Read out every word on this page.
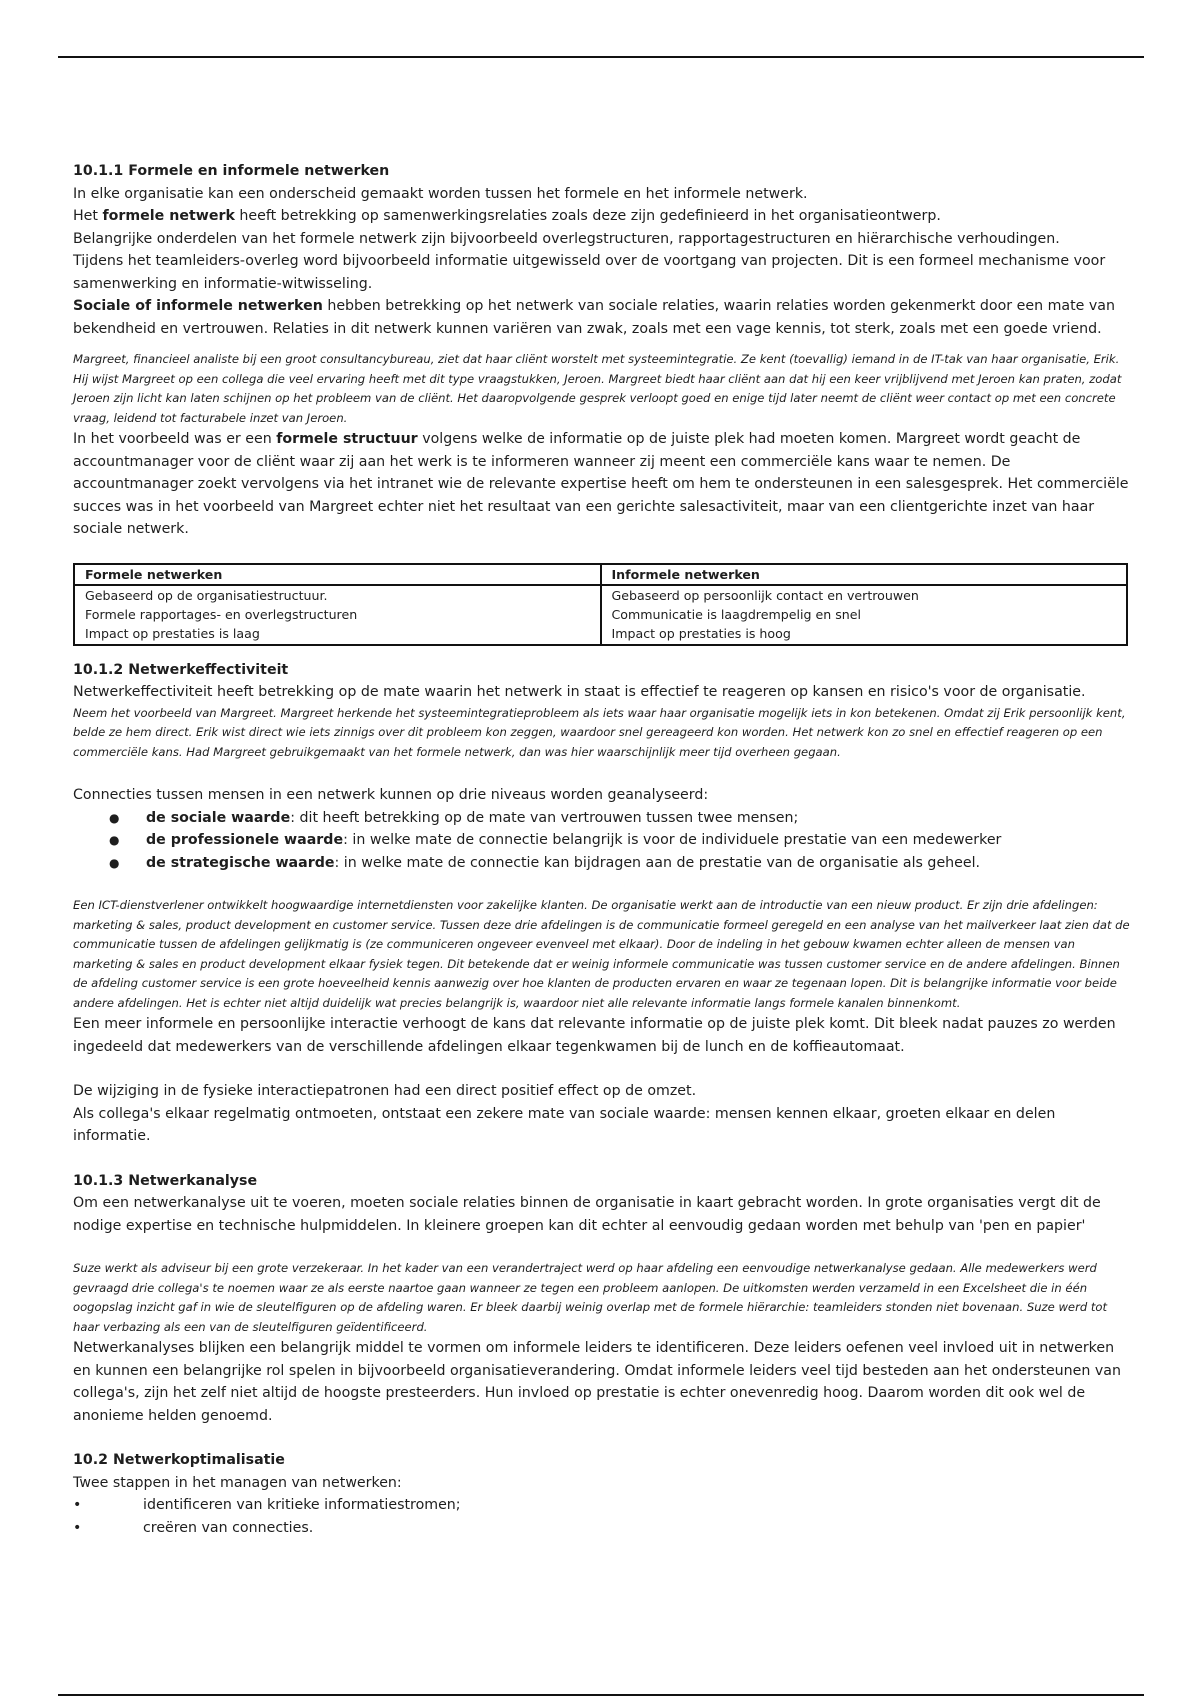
10.1.1 Formele en informele netwerken

In elke organisatie kan een onderscheid gemaakt worden tussen het formele en het informele netwerk.

Het formele netwerk heeft betrekking op samenwerkingsrelaties zoals deze zijn gedefinieerd in het organisatieontwerp.

Belangrijke onderdelen van het formele netwerk zijn bijvoorbeeld overlegstructuren, rapportagestructuren en hiërarchische verhoudingen.

Tijdens het teamleiders-overleg word bijvoorbeeld informatie uitgewisseld over de voortgang van projecten. Dit is een formeel mechanisme voor samenwerking en informatie-witwisseling.

Sociale of informele netwerken hebben betrekking op het netwerk van sociale relaties, waarin relaties worden gekenmerkt door een mate van bekendheid en vertrouwen. Relaties in dit netwerk kunnen variëren van zwak, zoals met een vage kennis, tot sterk, zoals met een goede vriend.

Margreet, financieel analiste bij een groot consultancybureau, ziet dat haar cliënt worstelt met systeemintegratie. Ze kent (toevallig) iemand in de IT-tak van haar organisatie, Erik. Hij wijst Margreet op een collega die veel ervaring heeft met dit type vraagstukken, Jeroen. Margreet biedt haar cliënt aan dat hij een keer vrijblijvend met Jeroen kan praten, zodat Jeroen zijn licht kan laten schijnen op het probleem van de cliënt. Het daaropvolgende gesprek verloopt goed en enige tijd later neemt de cliënt weer contact op met een concrete vraag, leidend tot facturabele inzet van Jeroen.

In het voorbeeld was er een formele structuur volgens welke de informatie op de juiste plek had moeten komen. Margreet wordt geacht de accountmanager voor de cliënt waar zij aan het werk is te informeren wanneer zij meent een commerciële kans waar te nemen. De accountmanager zoekt vervolgens via het intranet wie de relevante expertise heeft om hem te ondersteunen in een salesgesprek. Het commerciële succes was in het voorbeeld van Margreet echter niet het resultaat van een gerichte salesactiviteit, maar van een clientgerichte inzet van haar sociale netwerk.

Formele netwerken	Informele netwerken
Gebaseerd op de organisatiestructuur.	Gebaseerd op persoonlijk contact en vertrouwen
Formele rapportages- en overlegstructuren	Communicatie is laagdrempelig en snel
Impact op prestaties is laag	Impact op prestaties is hoog
10.1.2 Netwerkeffectiviteit

Netwerkeffectiviteit heeft betrekking op de mate waarin het netwerk in staat is effectief te reageren op kansen en risico's voor de organisatie.

Neem het voorbeeld van Margreet. Margreet herkende het systeemintegratieprobleem als iets waar haar organisatie mogelijk iets in kon betekenen. Omdat zij Erik persoonlijk kent, belde ze hem direct. Erik wist direct wie iets zinnigs over dit probleem kon zeggen, waardoor snel gereageerd kon worden. Het netwerk kon zo snel en effectief reageren op een commerciële kans. Had Margreet gebruikgemaakt van het formele netwerk, dan was hier waarschijnlijk meer tijd overheen gegaan.

Connecties tussen mensen in een netwerk kunnen op drie niveaus worden geanalyseerd:

● de sociale waarde: dit heeft betrekking op de mate van vertrouwen tussen twee mensen;
● de professionele waarde: in welke mate de connectie belangrijk is voor de individuele prestatie van een medewerker
● de strategische waarde: in welke mate de connectie kan bijdragen aan de prestatie van de organisatie als geheel.

Een ICT-dienstverlener ontwikkelt hoogwaardige internetdiensten voor zakelijke klanten. De organisatie werkt aan de introductie van een nieuw product. Er zijn drie afdelingen: marketing & sales, product development en customer service. Tussen deze drie afdelingen is de communicatie formeel geregeld en een analyse van het mailverkeer laat zien dat de communicatie tussen de afdelingen gelijkmatig is (ze communiceren ongeveer evenveel met elkaar). Door de indeling in het gebouw kwamen echter alleen de mensen van marketing & sales en product development elkaar fysiek tegen. Dit betekende dat er weinig informele communicatie was tussen customer service en de andere afdelingen. Binnen de afdeling customer service is een grote hoeveelheid kennis aanwezig over hoe klanten de producten ervaren en waar ze tegenaan lopen. Dit is belangrijke informatie voor beide andere afdelingen. Het is echter niet altijd duidelijk wat precies belangrijk is, waardoor niet alle relevante informatie langs formele kanalen binnenkomt.

Een meer informele en persoonlijke interactie verhoogt de kans dat relevante informatie op de juiste plek komt. Dit bleek nadat pauzes zo werden ingedeeld dat medewerkers van de verschillende afdelingen elkaar tegenkwamen bij de lunch en de koffieautomaat.

De wijziging in de fysieke interactiepatronen had een direct positief effect op de omzet.

Als collega's elkaar regelmatig ontmoeten, ontstaat een zekere mate van sociale waarde: mensen kennen elkaar, groeten elkaar en delen informatie.

10.1.3 Netwerkanalyse

Om een netwerkanalyse uit te voeren, moeten sociale relaties binnen de organisatie in kaart gebracht worden. In grote organisaties vergt dit de nodige expertise en technische hulpmiddelen. In kleinere groepen kan dit echter al eenvoudig gedaan worden met behulp van 'pen en papier'

Suze werkt als adviseur bij een grote verzekeraar. In het kader van een verandertraject werd op haar afdeling een eenvoudige netwerkanalyse gedaan. Alle medewerkers werd gevraagd drie collega's te noemen waar ze als eerste naartoe gaan wanneer ze tegen een probleem aanlopen. De uitkomsten werden verzameld in een Excelsheet die in één oogopslag inzicht gaf in wie de sleutelfiguren op de afdeling waren. Er bleek daarbij weinig overlap met de formele hiërarchie: teamleiders stonden niet bovenaan. Suze werd tot haar verbazing als een van de sleutelfiguren geïdentificeerd.

Netwerkanalyses blijken een belangrijk middel te vormen om informele leiders te identificeren. Deze leiders oefenen veel invloed uit in netwerken en kunnen een belangrijke rol spelen in bijvoorbeeld organisatieverandering. Omdat informele leiders veel tijd besteden aan het ondersteunen van collega's, zijn het zelf niet altijd de hoogste presteerders. Hun invloed op prestatie is echter onevenredig hoog. Daarom worden dit ook wel de anonieme helden genoemd.

10.2 Netwerkoptimalisatie

Twee stappen in het managen van netwerken:

• identificeren van kritieke informatiestromen;
• creëren van connecties.
